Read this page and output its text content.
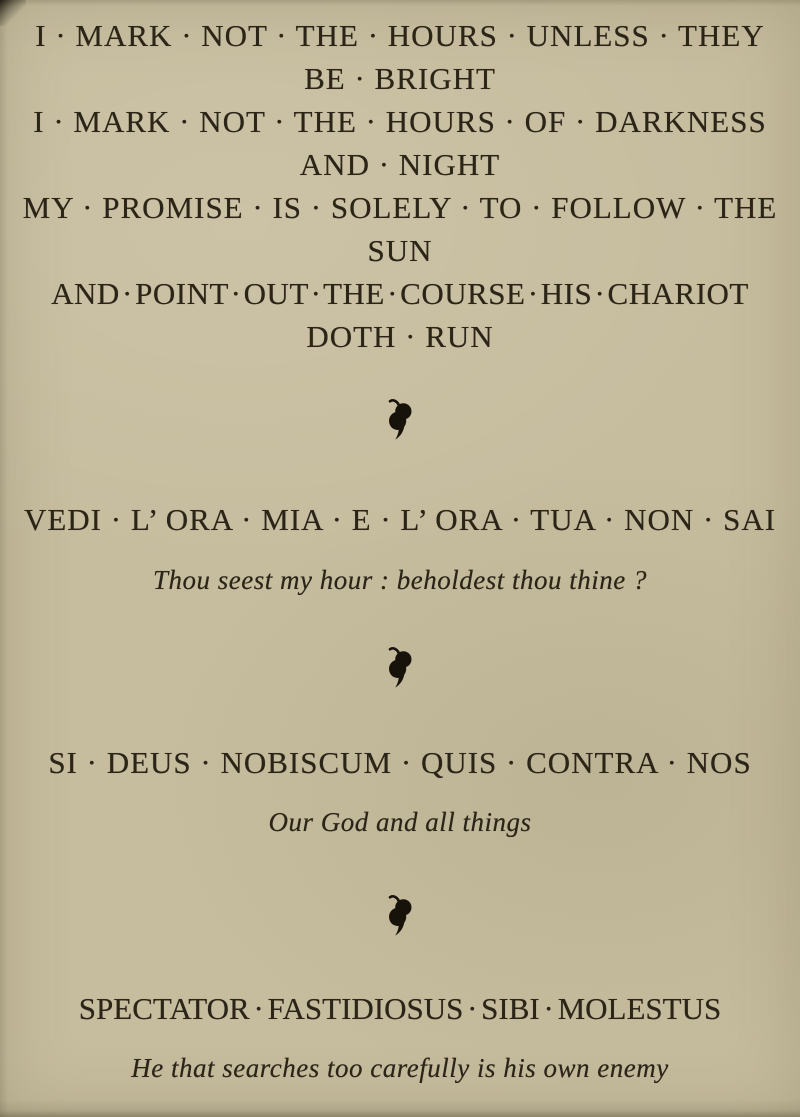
I · MARK · NOT · THE · HOURS · UNLESS · THEY
BE · BRIGHT
I · MARK · NOT · THE · HOURS · OF · DARKNESS
AND · NIGHT
MY · PROMISE · IS · SOLELY · TO · FOLLOW · THE
SUN
AND · POINT · OUT · THE · COURSE · HIS · CHARIOT
DOTH · RUN
VEDI · L’ ORA · MIA · E · L’ ORA · TUA · NON · SAI
Thou seest my hour : beholdest thou thine ?
SI · DEUS · NOBISCUM · QUIS · CONTRA · NOS
Our God and all things
SPECTATOR · FASTIDIOSUS · SIBI · MOLESTUS
He that searches too carefully is his own enemy
